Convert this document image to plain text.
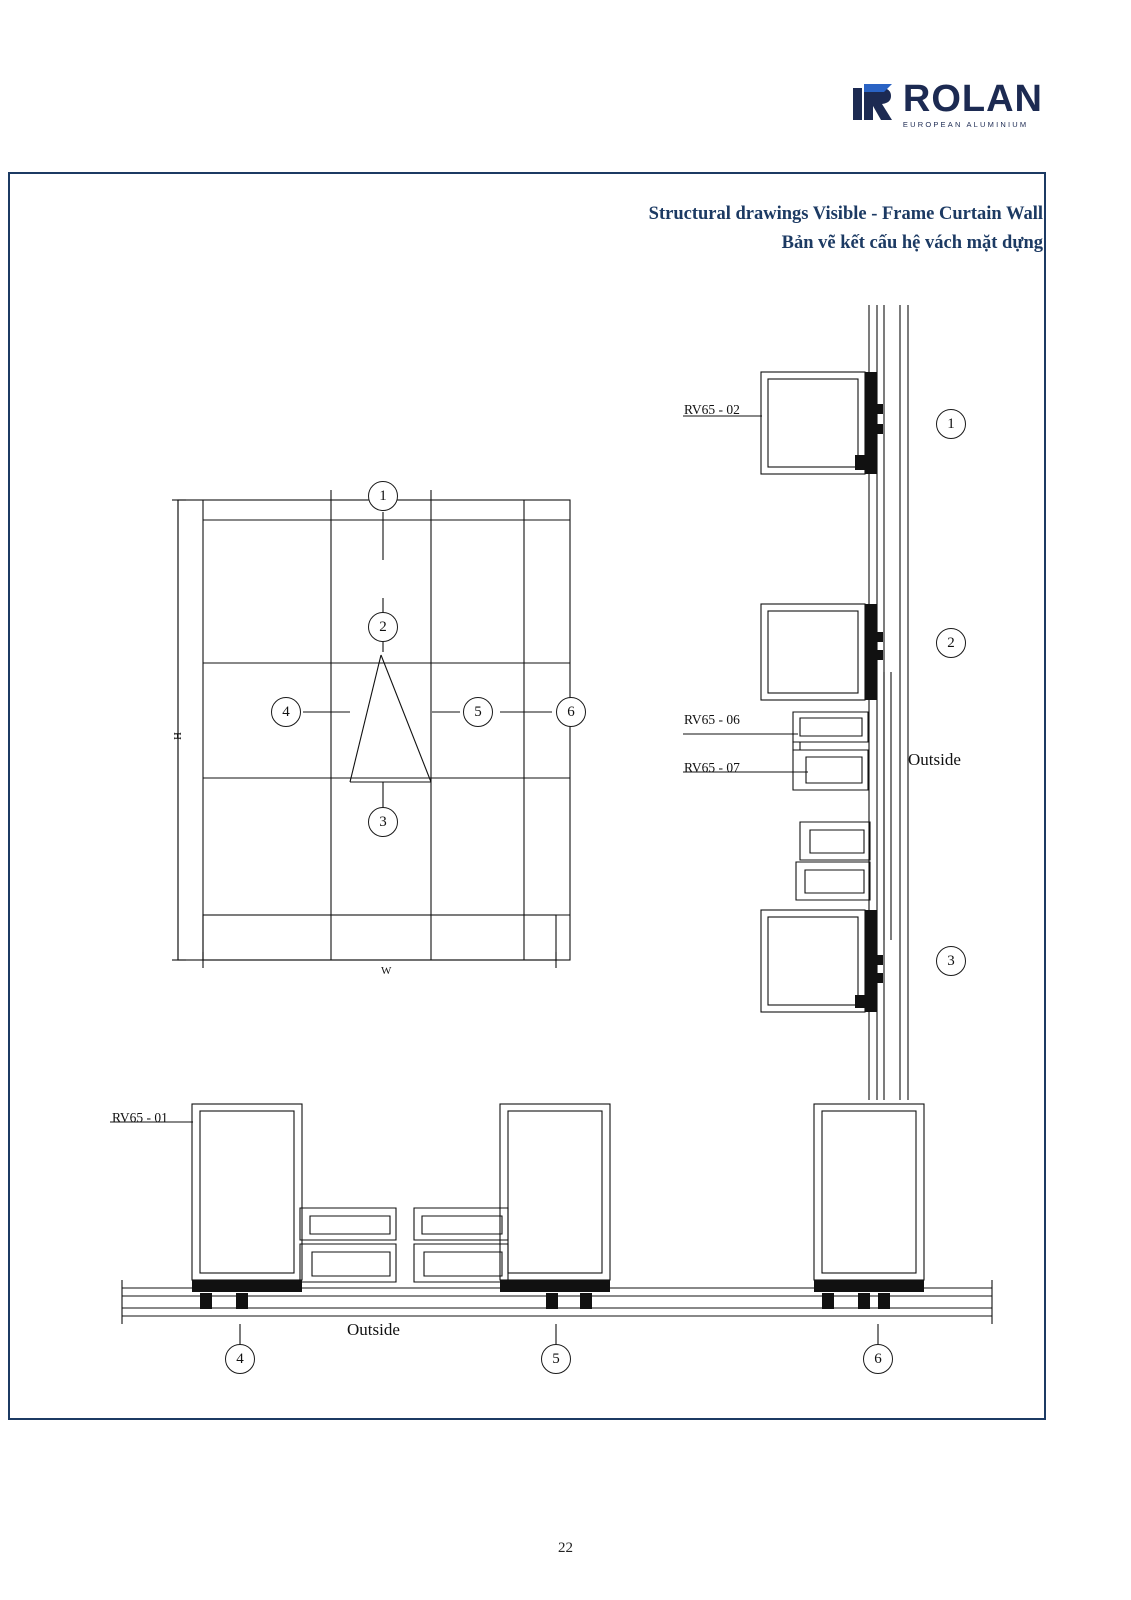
ROLAN
EUROPEAN ALUMINIUM
Structural drawings Visible - Frame Curtain Wall
Bản vẽ kết cấu hệ vách mặt dựng
1
2
3
4	5	6
H
W
1
2
3
RV65 - 02
RV65 - 06
RV65 - 07	Outside
RV65 - 01
Outside
4	5	6
22
